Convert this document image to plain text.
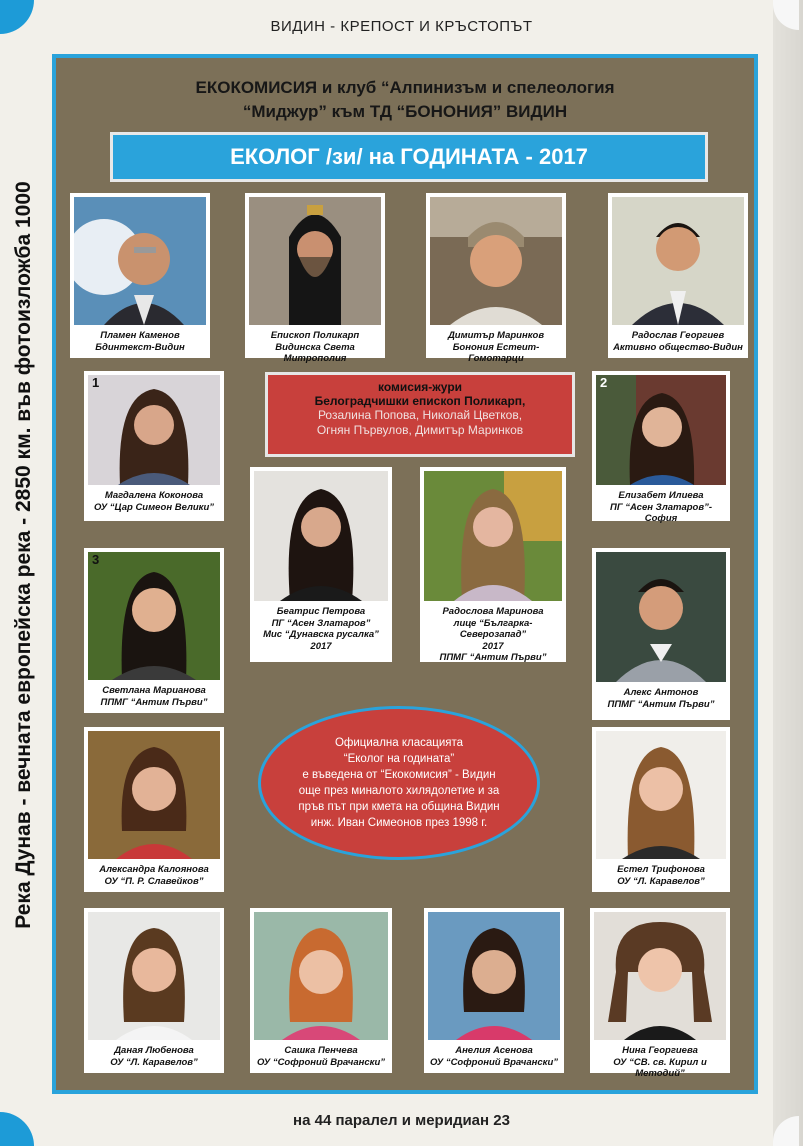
ВИДИН - КРЕПОСТ И КРЪСТОПЪТ
Река Дунав - вечната европейска река - 2850 км. във фотоизложба 1000
на 44 паралел и меридиан 23
ЕКОКОМИСИЯ и клуб “Алпинизъм и спелеология
“Миджур” към ТД “БОНОНИЯ” ВИДИН
ЕКОЛОГ /зи/ на ГОДИНАТА - 2017
Пламен Каменов
Бдинтекст-Видин
Епископ Поликарп
Видинска Света Митрополия
Димитър Маринков
Бонония Естеит-Гомотарци
Радослав Георгиев
Активно общество-Видин
1
Магдалена Коконова
ОУ “Цар Симеон Велики”
комисия-жури
Белоградчишки епископ Поликарп,
Розалина Попова, Николай Цветков,
Огнян Първулов, Димитър Маринков
2
Елизабет Илиева
ПГ “Асен Златаров”-София
Беатрис Петрова
ПГ “Асен Златаров”
Мис “Дунавска русалка”
2017
Радослова Маринова
лице “Българка-Северозапад”
2017
ППМГ “Антим Първи”
3
Светлана Марианова
ППМГ “Антим Първи”
Алекс Антонов
ППМГ “Антим Първи”
Александра Калоянова
ОУ “П. Р. Славейков”
Официална класацията
“Еколог на годината”
е въведена от “Екокомисия” - Видин
още през миналото хилядолетие и за
пръв път при кмета на община Видин
инж. Иван Симеонов през 1998 г.
Естел Трифонова
ОУ “Л. Каравелов”
Даная Любенова
ОУ “Л. Каравелов”
Сашка Пенчева
ОУ “Софроний Врачански”
Анелия Асенова
ОУ “Софроний Врачански”
Нина Георгиева
ОУ “СВ. св. Кирил и Методий”
